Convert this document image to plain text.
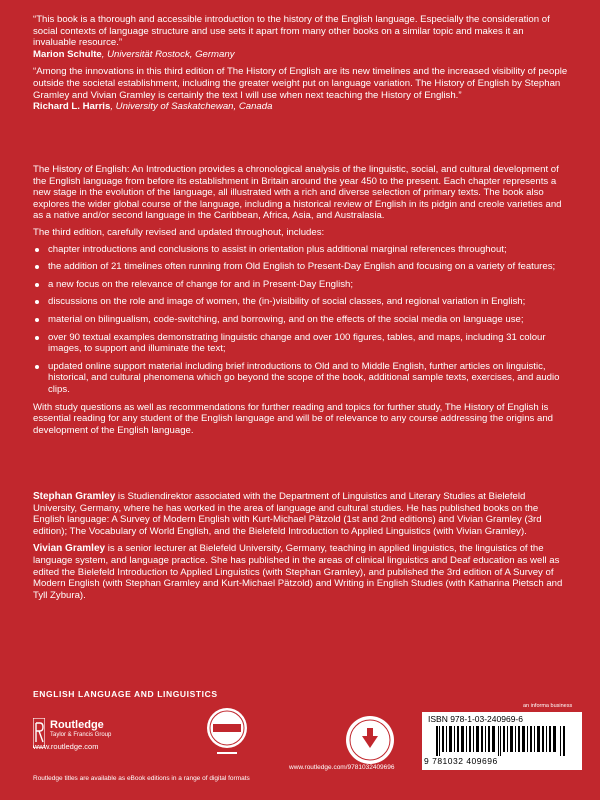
“This book is a thorough and accessible introduction to the history of the English language. Especially the consideration of social contexts of language structure and use sets it apart from many other books on a similar topic and makes it an invaluable resource.”

Marion Schulte, Universität Rostock, Germany

“Among the innovations in this third edition of The History of English are its new timelines and the increased visibility of people outside the societal establishment, including the greater weight put on language variation. The History of English by Stephan Gramley and Vivian Gramley is certainly the text I will use when next teaching the History of English.”

Richard L. Harris, University of Saskatchewan, Canada

The History of English: An Introduction provides a chronological analysis of the linguistic, social, and cultural development of the English language from before its establishment in Britain around the year 450 to the present. Each chapter represents a new stage in the evolution of the language, all illustrated with a rich and diverse selection of primary texts. The book also explores the wider global course of the language, including a historical review of English in its pidgin and creole varieties and as a native and/or second language in the Caribbean, Africa, Asia, and Australasia.

The third edition, carefully revised and updated throughout, includes:

chapter introductions and conclusions to assist in orientation plus additional marginal references throughout;
the addition of 21 timelines often running from Old English to Present-Day English and focusing on a variety of features;
a new focus on the relevance of change for and in Present-Day English;
discussions on the role and image of women, the (in-)visibility of social classes, and regional variation in English;
material on bilingualism, code-switching, and borrowing, and on the effects of the social media on language use;
over 90 textual examples demonstrating linguistic change and over 100 figures, tables, and maps, including 31 colour images, to support and illuminate the text;
updated online support material including brief introductions to Old and to Middle English, further articles on linguistic, historical, and cultural phenomena which go beyond the scope of the book, additional sample texts, exercises, and audio clips.

With study questions as well as recommendations for further reading and topics for further study, The History of English is essential reading for any student of the English language and will be of relevance to any course addressing the origins and development of the English language.

Stephan Gramley is Studiendirektor associated with the Department of Linguistics and Literary Studies at Bielefeld University, Germany, where he has worked in the area of language and cultural studies. He has published books on the English language: A Survey of Modern English with Kurt-Michael Pätzold (1st and 2nd editions) and Vivian Gramley (3rd edition); The Vocabulary of World English, and the Bielefeld Introduction to Applied Linguistics (with Vivian Gramley).

Vivian Gramley is a senior lecturer at Bielefeld University, Germany, teaching in applied linguistics, the linguistics of the language system, and language practice. She has published in the areas of clinical linguistics and Deaf education as well as edited the Bielefeld Introduction to Applied Linguistics (with Stephan Gramley), and published the 3rd edition of A Survey of Modern English (with Stephan Gramley and Kurt-Michael Pätzold) and Writing in English Studies (with Katharina Pietsch and Tyll Zybura).

ENGLISH LANGUAGE AND LINGUISTICS
Routledge
Taylor & Francis Group
www.routledge.com
Routledge titles are available as eBook editions in a range of digital formats
www.routledge.com/9781032409696
an informa business
ISBN 978-1-03-240969-6
9 781032 409696
